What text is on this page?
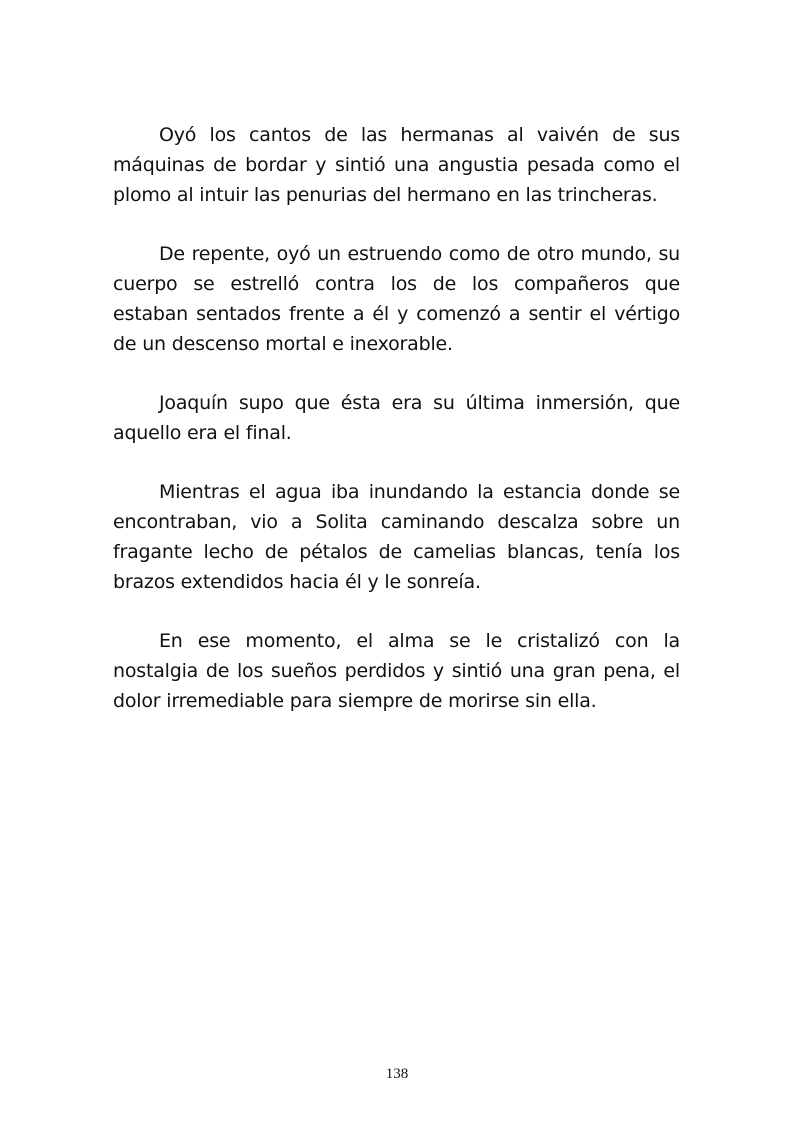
Oyó los cantos de las hermanas al vaivén de sus máquinas de bordar y sintió una angustia pesada como el plomo al intuir las penurias del hermano en las trincheras.

De repente, oyó un estruendo como de otro mundo, su cuerpo se estrelló contra los de los compañeros que estaban sentados frente a él y comenzó a sentir el vértigo de un descenso mortal e inexorable.

Joaquín supo que ésta era su última inmersión, que aquello era el final.

Mientras el agua iba inundando la estancia donde se encontraban, vio a Solita caminando descalza sobre un fragante lecho de pétalos de camelias blancas, tenía los brazos extendidos hacia él y le sonreía.

En ese momento, el alma se le cristalizó con la nostalgia de los sueños perdidos y sintió una gran pena, el dolor irremediable para siempre de morirse sin ella.

138
